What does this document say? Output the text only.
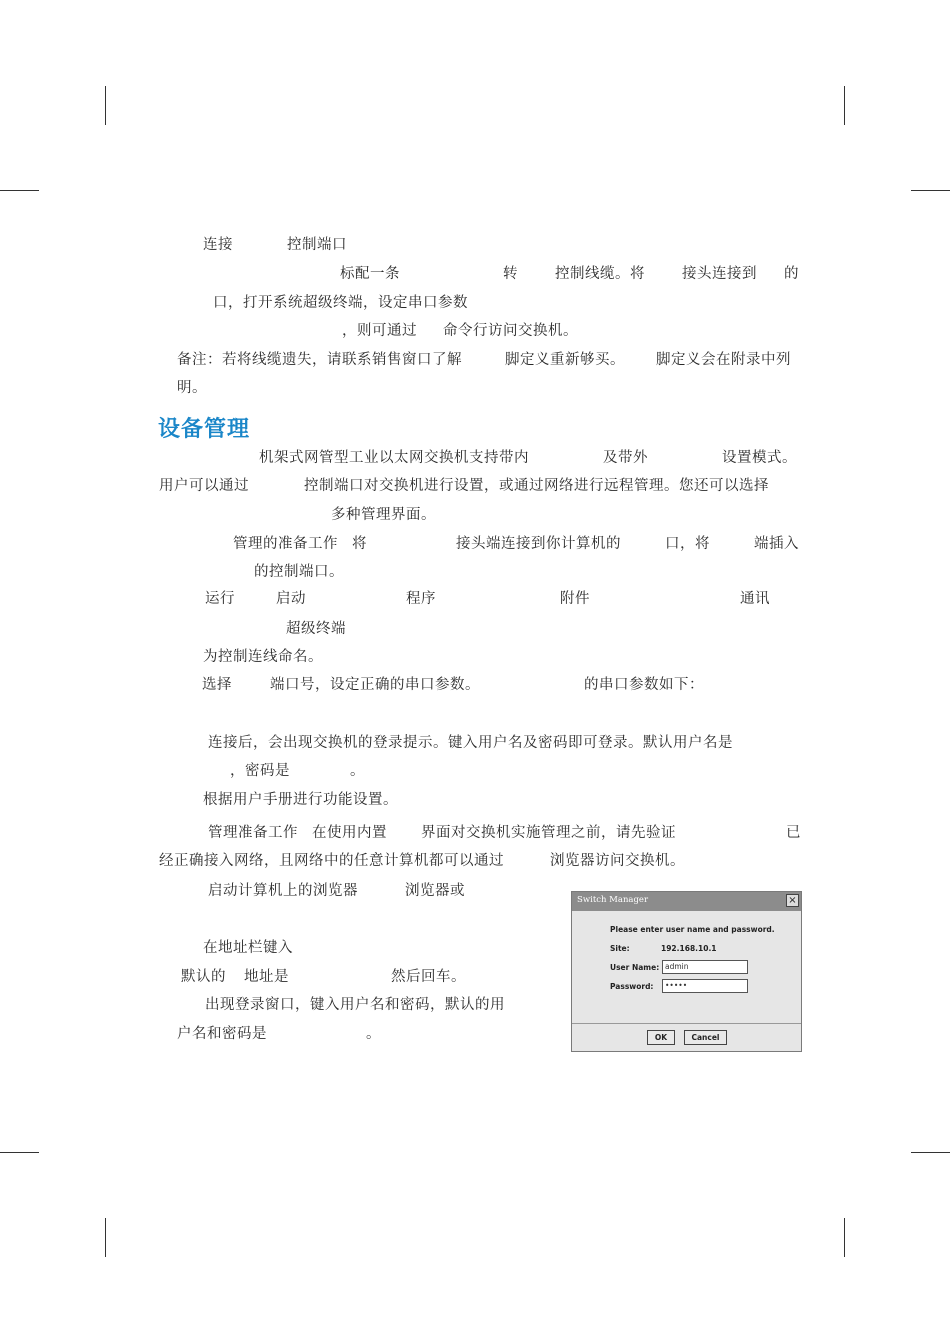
连接	控制端口
标配一条	转	控制线缆。将	接头连接到 的
口，打开系统超级终端，设定串口参数
，则可通过 命令行访问交换机。
备注：若将线缆遗失，请联系销售窗口了解	脚定义重新够买。 脚定义会在附录中列
明。
设备管理
机架式网管型工业以太网交换机支持带内	及带外	设置模式。
用户可以通过	控制端口对交换机进行设置，或通过网络进行远程管理。您还可以选择
多种管理界面。
管理的准备工作 将	接头端连接到你计算机的	口，将	端插入
的控制端口。
运行	启动	程序	附件	通讯
超级终端
为控制连线命名。
选择	端口号，设定正确的串口参数。	的串口参数如下：
连接后，会出现交换机的登录提示。键入用户名及密码即可登录。默认用户名是
，密码是	。
根据用户手册进行功能设置。
管理准备工作 在使用内置 界面对交换机实施管理之前，请先验证	已
经正确接入网络，且网络中的任意计算机都可以通过	浏览器访问交换机。
启动计算机上的浏览器	浏览器或
在地址栏键入
默认的 地址是	然后回车。
出现登录窗口，键入用户名和密码，默认的用
户名和密码是	。
Switch Manager	×
Please enter user name and password.
Site:	192.168.10.1
User Name: admin
Password:	•••••
OK	Cancel
